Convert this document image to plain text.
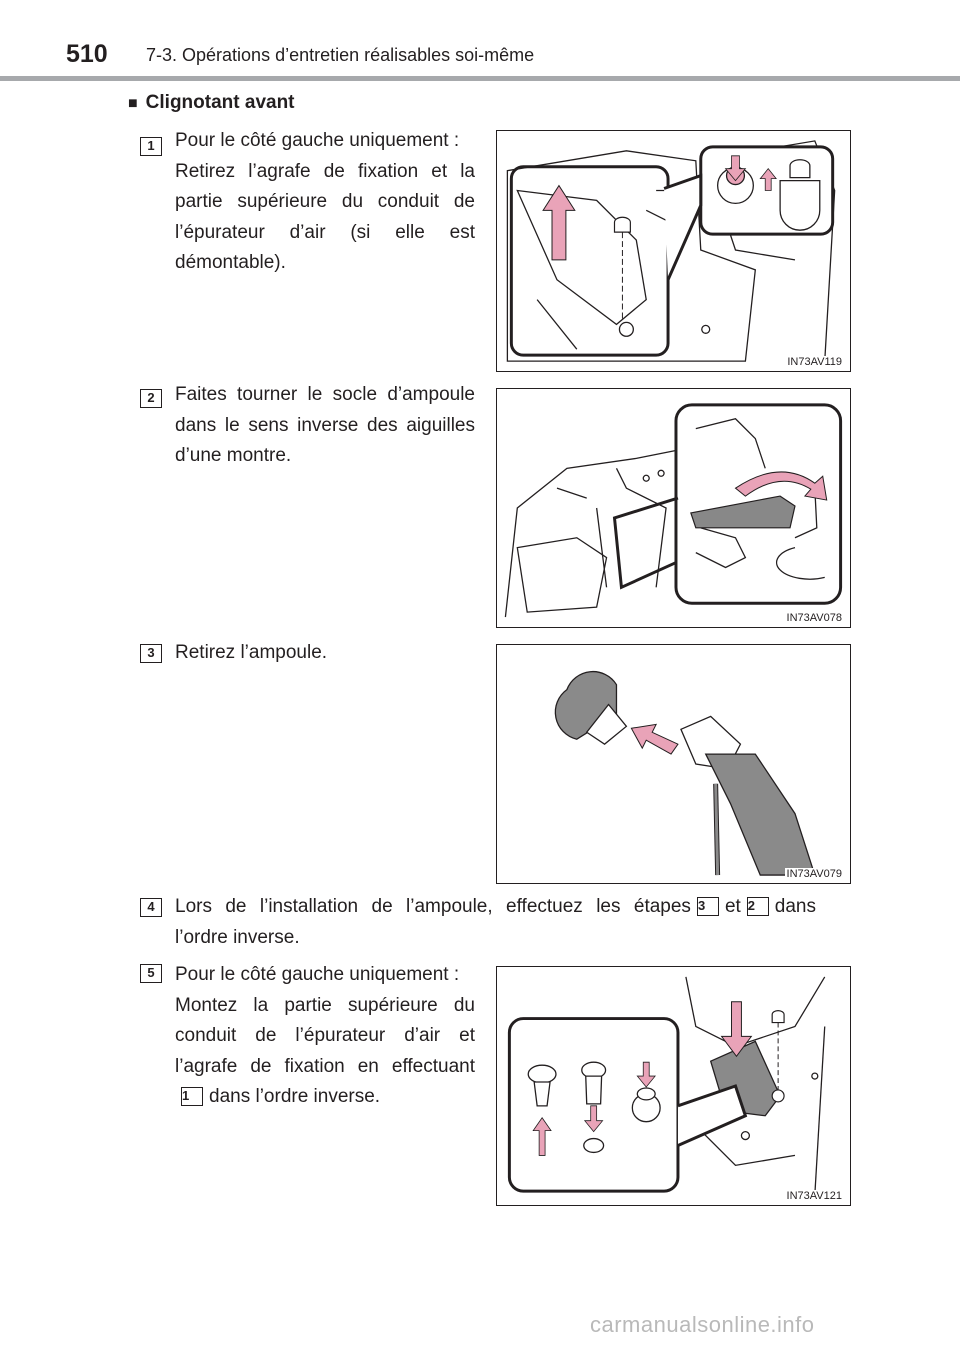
510 7-3. Opérations d’entretien réalisables soi-même
■ Clignotant avant
1	Pour le côté gauche uniquement :

Retirez l’agrafe de fixation et la partie supérieure du conduit de l’épurateur d’air (si elle est démontable).

IN73AV119
2	Faites tourner le socle d’ampoule dans le sens inverse des aiguilles d’une montre.

IN73AV078
3	Retirez l’ampoule.

IN73AV079
4	Lors de l’installation de l’ampoule, effectuez les étapes 3 et 2 dans l’ordre inverse.

5	Pour le côté gauche uniquement :

Montez la partie supérieure du conduit de l’épurateur d’air et l’agrafe de fixation en effectuant 1 dans l’ordre inverse.

IN73AV121
carmanualsonline.info
